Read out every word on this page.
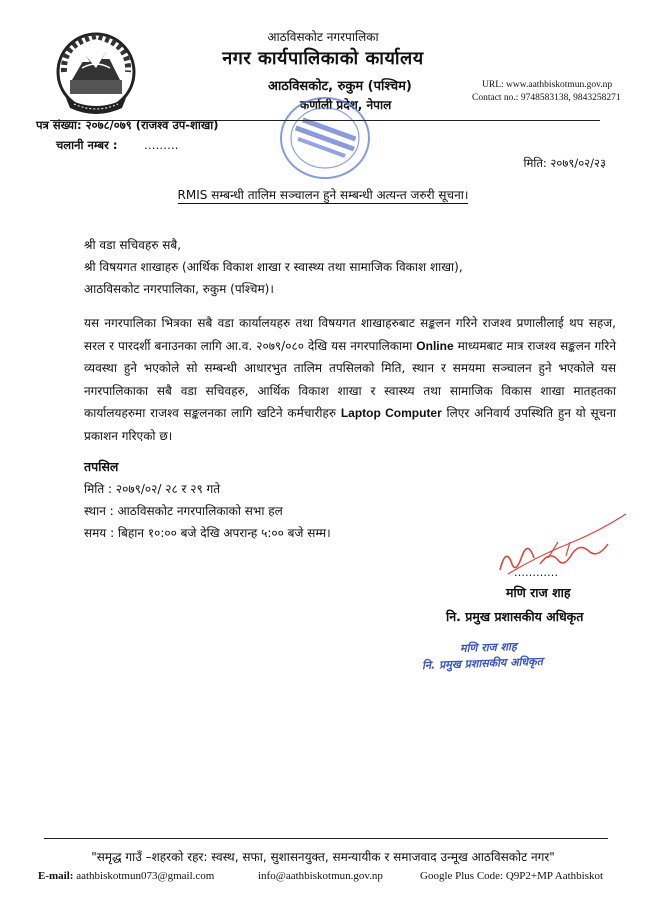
आठविसकोट नगरपालिका
नगर कार्यपालिकाको कार्यालय
आठविसकोट, रुकुम (पश्चिम)
कर्णाली प्रदेश, नेपाल
URL: www.aathbiskotmun.gov.np
Contact no.: 9748583138, 9843258271
पत्र संख्या: २०७८/०७९ (राजश्व उप-शाखा)
चलानी नम्बर : ………
मिति: २०७९/०२/२३
RMIS सम्बन्धी तालिम सञ्चालन हुने सम्बन्धी अत्यन्त जरुरी सूचना।
श्री वडा सचिवहरु सबै,
श्री विषयगत शाखाहरु (आर्थिक विकाश शाखा र स्वास्थ्य तथा सामाजिक विकाश शाखा),
आठविसकोट नगरपालिका, रुकुम (पश्चिम)।
यस नगरपालिका भित्रका सबै वडा कार्यालयहरु तथा विषयगत शाखाहरुबाट सङ्कलन गरिने राजश्व प्रणालीलाई थप सहज, सरल र पारदर्शी बनाउनका लागि आ.व. २०७९/०८० देखि यस नगरपालिकामा Online माध्यमबाट मात्र राजश्व सङ्कलन गरिने व्यवस्था हुने भएकोले सो सम्बन्धी आधारभुत तालिम तपसिलको मिति, स्थान र समयमा सञ्चालन हुने भएकोले यस नगरपालिकाका सबै वडा सचिवहरु, आर्थिक विकाश शाखा र स्वास्थ्य तथा सामाजिक विकास शाखा मातहतका कार्यालयहरुमा राजश्व सङ्कलनका लागि खटिने कर्मचारीहरु Laptop Computer लिएर अनिवार्य उपस्थिति हुन यो सूचना प्रकाशन गरिएको छ।
तपसिल
मिति : २०७९/०२/ २८ र २९ गते
स्थान : आठविसकोट नगरपालिकाको सभा हल
समय : बिहान १०:०० बजे देखि अपरान्ह ५:०० बजे सम्म।
…………
मणि राज शाह
नि. प्रमुख प्रशासकीय अधिकृत
मणि राज शाह
नि. प्रमुख प्रशासकीय अधिकृत
"समृद्ध गाउँ –शहरको रहर: स्वस्थ, सफा, सुशासनयुक्त, समन्यायीक र समाजवाद उन्मूख आठविसकोट नगर"
E-mail: aathbiskotmun073@gmail.com	info@aathbiskotmun.gov.np	Google Plus Code: Q9P2+MP Aathbiskot
